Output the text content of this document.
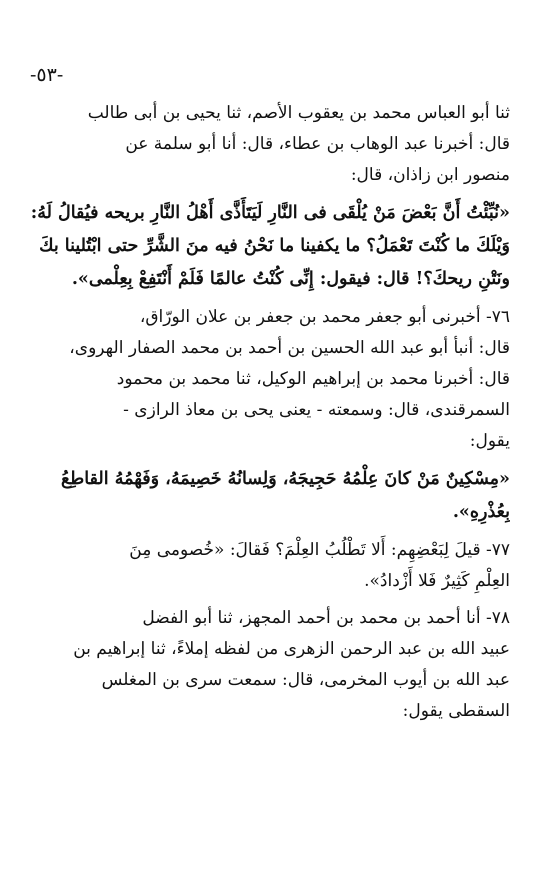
-٥٣-

ثنا أبو العباس محمد بن يعقوب الأصم، ثنا يحيى بن أبى طالب
قال: أخبرنا عبد الوهاب بن عطاء، قال: أنا أبو سلمة عن
منصور ابن زاذان، قال:

«نُبِّئْتُ أَنَّ بَعْضَ مَنْ يُلْقَى فى النَّارِ لَيَتَأَذَّى أَهْلُ النَّارِ بريحه فيُقالُ لَهُ:
وَيْلَكَ ما كُنْتَ تَعْمَلُ؟ ما يكفينا ما نَحْنُ فيه منَ الشَّرِّ حتى ابْتُلينا بكَ
ونَتْنِ ريحكَ؟! قال: فيقول: إِنِّى كُنْتُ عالمًا فَلَمْ أَنْتَفِعْ بِعِلْمى».

٧٦- أخبرنى أبو جعفر محمد بن جعفر بن علان الورّاق،
قال: أنبأ أبو عبد الله الحسين بن أحمد بن محمد الصفار الهروى،
قال: أخبرنا محمد بن إبراهيم الوكيل، ثنا محمد بن محمود
السمرقندى، قال: وسمعته - يعنى يحى بن معاذ الرازى -
يقول:

«مِسْكِينٌ مَنْ كانَ عِلْمُهُ حَجِيجَهُ، وَلِسانُهُ خَصِيمَهُ، وَفَهْمُهُ القاطِعُ
بِعُذْرِهِ».

٧٧- قيلَ لِبَعْضِهِم: أَلا تَطْلُبُ العِلْمَ؟ فَقالَ: «خُصومى مِنَ
العِلْمِ كَثِيرٌ فَلا أَزْدادُ».

٧٨- أنا أحمد بن محمد بن أحمد المجهز، ثنا أبو الفضل
عبيد الله بن عبد الرحمن الزهرى من لفظه إملاءً، ثنا إبراهيم بن
عبد الله بن أيوب المخرمى، قال: سمعت سرى بن المغلس
السقطى يقول:
